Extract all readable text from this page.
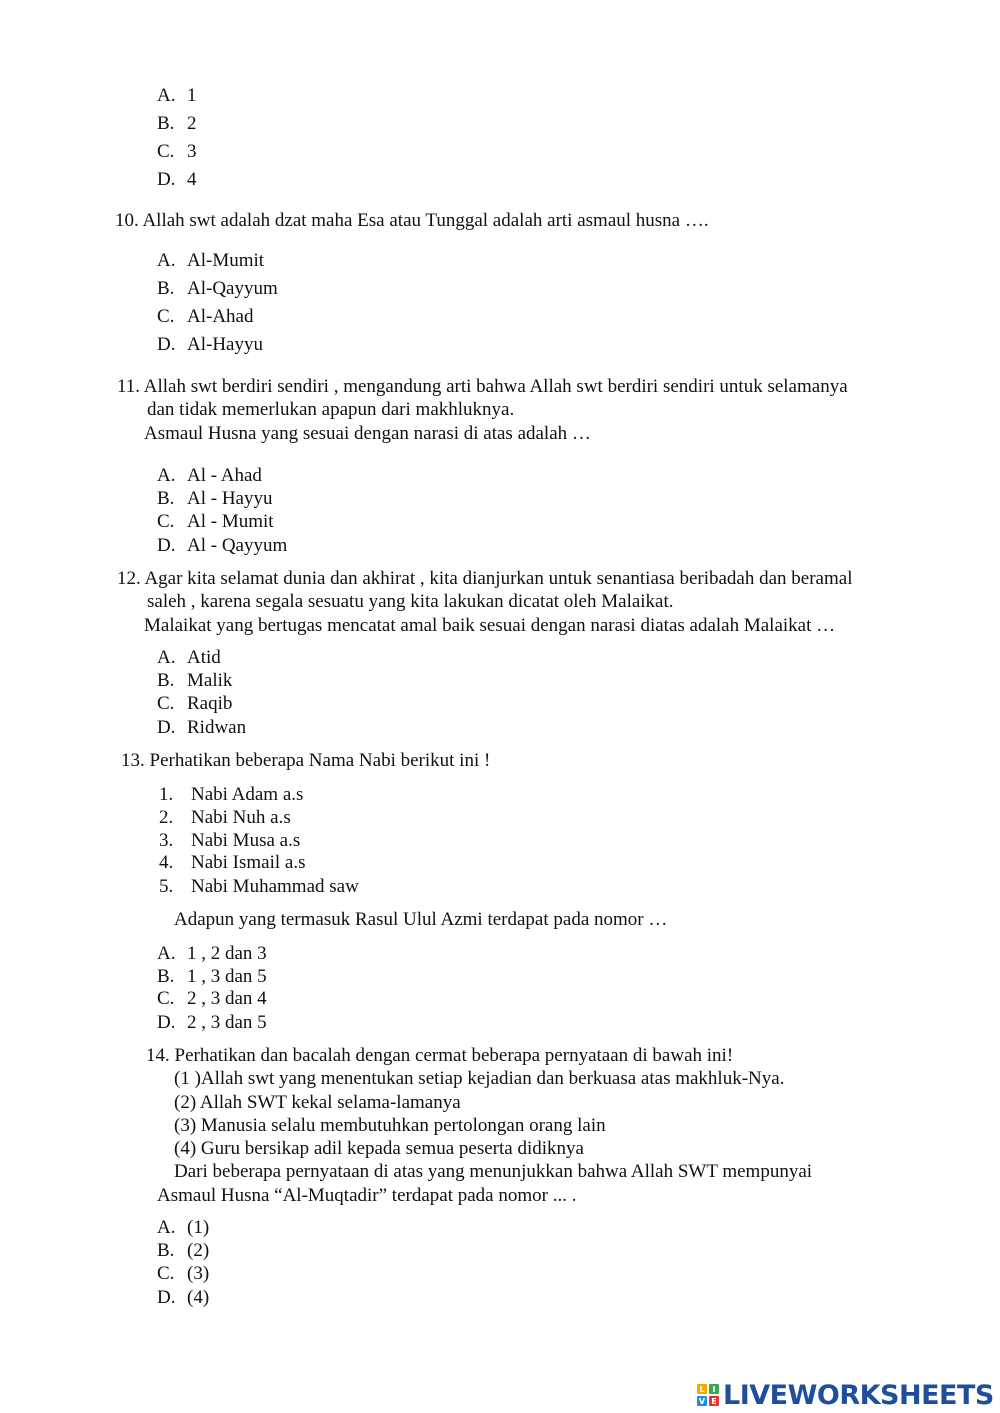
A. 1
B. 2
C. 3
D. 4
10. Allah swt adalah dzat maha Esa atau Tunggal adalah arti asmaul husna ….
A. Al-Mumit
B. Al-Qayyum
C. Al-Ahad
D. Al-Hayyu
11. Allah swt berdiri sendiri , mengandung arti bahwa Allah swt berdiri sendiri untuk selamanya
dan tidak memerlukan apapun dari makhluknya.
Asmaul Husna yang sesuai dengan narasi di atas adalah …
A. Al - Ahad
B. Al - Hayyu
C. Al - Mumit
D. Al - Qayyum
12. Agar kita selamat dunia dan akhirat , kita dianjurkan untuk senantiasa beribadah dan beramal
saleh , karena segala sesuatu yang kita lakukan dicatat oleh Malaikat.
Malaikat yang bertugas mencatat amal baik sesuai dengan narasi diatas adalah Malaikat …
A. Atid
B. Malik
C. Raqib
D. Ridwan
13. Perhatikan beberapa Nama Nabi berikut ini !
1. Nabi Adam a.s
2. Nabi Nuh a.s
3. Nabi Musa a.s
4. Nabi Ismail a.s
5. Nabi Muhammad saw
Adapun yang termasuk Rasul Ulul Azmi terdapat pada nomor …
A. 1 , 2 dan 3
B. 1 , 3 dan 5
C. 2 , 3 dan 4
D. 2 , 3 dan 5
14. Perhatikan dan bacalah dengan cermat beberapa pernyataan di bawah ini!
(1 )Allah swt yang menentukan setiap kejadian dan berkuasa atas makhluk-Nya.
(2) Allah SWT kekal selama-lamanya
(3) Manusia selalu membutuhkan pertolongan orang lain
(4) Guru bersikap adil kepada semua peserta didiknya
Dari beberapa pernyataan di atas yang menunjukkan bahwa Allah SWT mempunyai
Asmaul Husna “Al-Muqtadir” terdapat pada nomor ... .
A. (1)
B. (2)
C. (3)
D. (4)
L I
V E LIVEWORKSHEETS
